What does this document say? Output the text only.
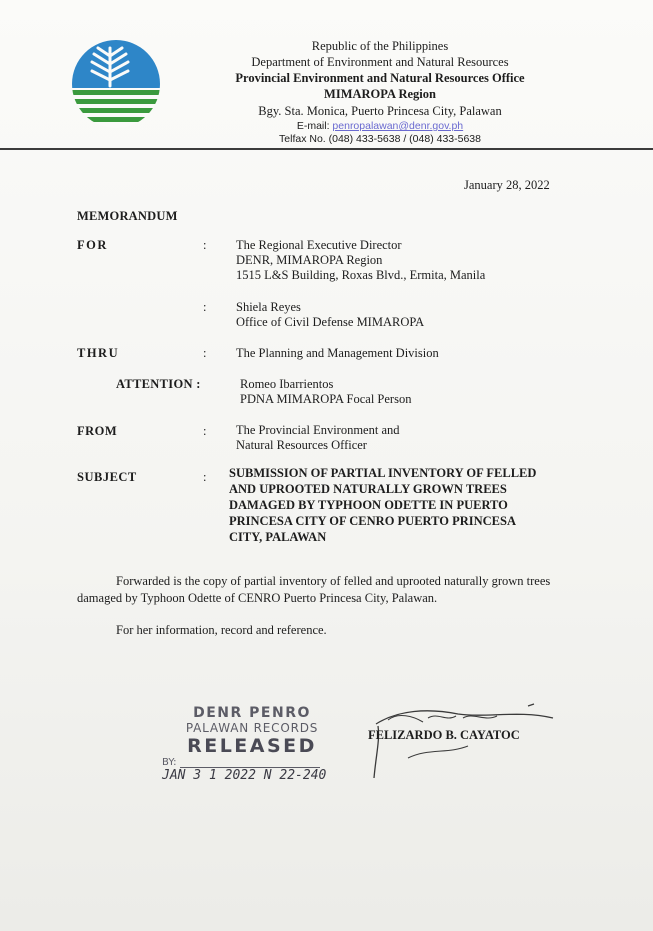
Republic of the Philippines
Department of Environment and Natural Resources
Provincial Environment and Natural Resources Office
MIMAROPA Region
Bgy. Sta. Monica, Puerto Princesa City, Palawan
E-mail: penropalawan@denr.gov.ph
Telfax No. (048) 433-5638 / (048) 433-5638
January 28, 2022
MEMORANDUM
FOR	: The Regional Executive Director
DENR, MIMAROPA Region
1515 L&S Building, Roxas Blvd., Ermita, Manila
: Shiela Reyes
Office of Civil Defense MIMAROPA
THRU	: The Planning and Management Division
ATTENTION :	Romeo Ibarrientos
PDNA MIMAROPA Focal Person
FROM	: The Provincial Environment and
Natural Resources Officer
SUBJECT	: SUBMISSION OF PARTIAL INVENTORY OF FELLED
AND UPROOTED NATURALLY GROWN TREES
DAMAGED BY TYPHOON ODETTE IN PUERTO
PRINCESA CITY OF CENRO PUERTO PRINCESA
CITY, PALAWAN
Forwarded is the copy of partial inventory of felled and uprooted naturally grown trees
damaged by Typhoon Odette of CENRO Puerto Princesa City, Palawan.
For her information, record and reference.
DENR PENRO
PALAWAN RECORDS
RELEASED
BY:
JAN 3 1 2022 N 22-240
FELIZARDO B. CAYATOC
